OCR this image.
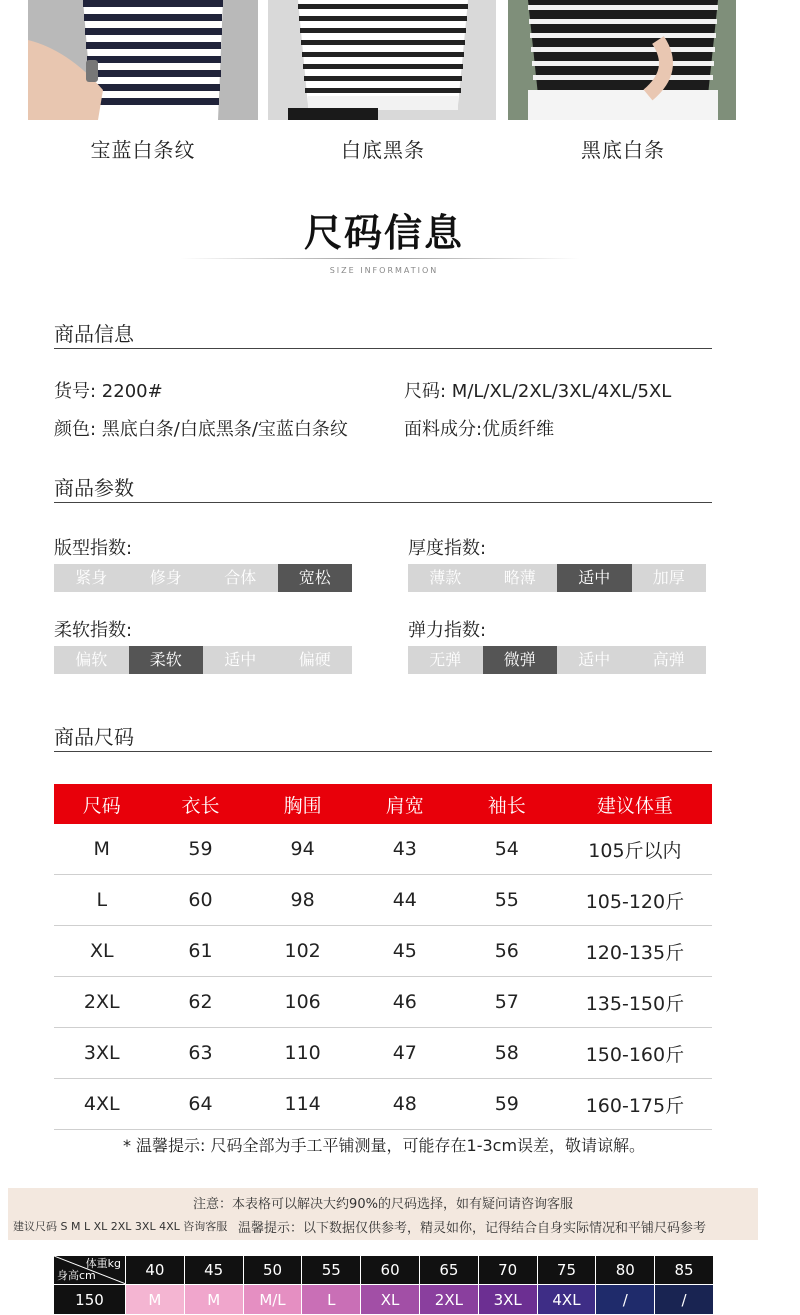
宝蓝白条纹	白底黑条	黑底白条
尺码信息
SIZE INFORMATION
商品信息
货号: 2200#	尺码: M/L/XL/2XL/3XL/4XL/5XL
颜色: 黑底白条/白底黑条/宝蓝白条纹	面料成分:优质纤维
商品参数
版型指数:
紧身	修身	合体	宽松
厚度指数:
薄款	略薄	适中	加厚
柔软指数:
偏软	柔软	适中	偏硬
弹力指数:
无弹	微弹	适中	高弹
商品尺码
尺码	衣长	胸围	肩宽	袖长	建议体重
M	59	94	43	54	105斤以内
L	60	98	44	55	105-120斤
XL	61	102	45	56	120-135斤
2XL	62	106	46	57	135-150斤
3XL	63	110	47	58	150-160斤
4XL	64	114	48	59	160-175斤
* 温馨提示: 尺码全部为手工平铺测量，可能存在1-3cm误差，敬请谅解。
注意：本表格可以解决大约90%的尺码选择，如有疑问请咨询客服
建议尺码 S M L XL 2XL 3XL 4XL 咨询客服 温馨提示：以下数据仅供参考，精灵如你，记得结合自身实际情况和平铺尺码参考
体重kg
身高cm	40	45	50	55	60	65	70	75	80	85
150	M	M	M/L	L	XL	2XL	3XL	4XL	/	/
